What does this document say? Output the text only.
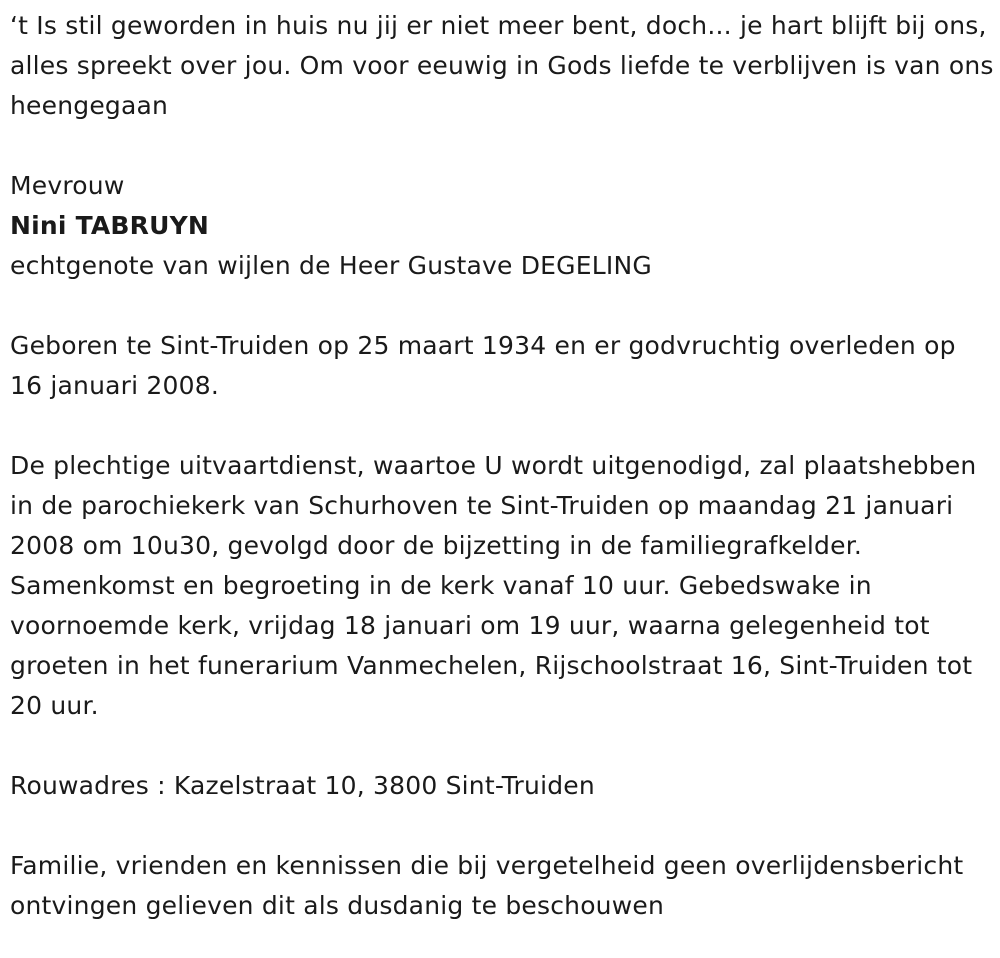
‘t Is stil geworden in huis nu jij er niet meer bent, doch... je hart blijft bij ons, alles spreekt over jou. Om voor eeuwig in Gods liefde te verblijven is van ons heengegaan

Mevrouw

Nini TABRUYN

echtgenote van wijlen de Heer Gustave DEGELING

Geboren te Sint-Truiden op 25 maart 1934 en er godvruchtig overleden op 16 januari 2008.

De plechtige uitvaartdienst, waartoe U wordt uitgenodigd, zal plaatshebben in de parochiekerk van Schurhoven te Sint-Truiden op maandag 21 januari 2008 om 10u30, gevolgd door de bijzetting in de familiegrafkelder. Samenkomst en begroeting in de kerk vanaf 10 uur. Gebedswake in voornoemde kerk, vrijdag 18 januari om 19 uur, waarna gelegenheid tot groeten in het funerarium Vanmechelen, Rijschoolstraat 16, Sint-Truiden tot 20 uur.

Rouwadres : Kazelstraat 10, 3800 Sint-Truiden

Familie, vrienden en kennissen die bij vergetelheid geen overlijdensbericht ontvingen gelieven dit als dusdanig te beschouwen
